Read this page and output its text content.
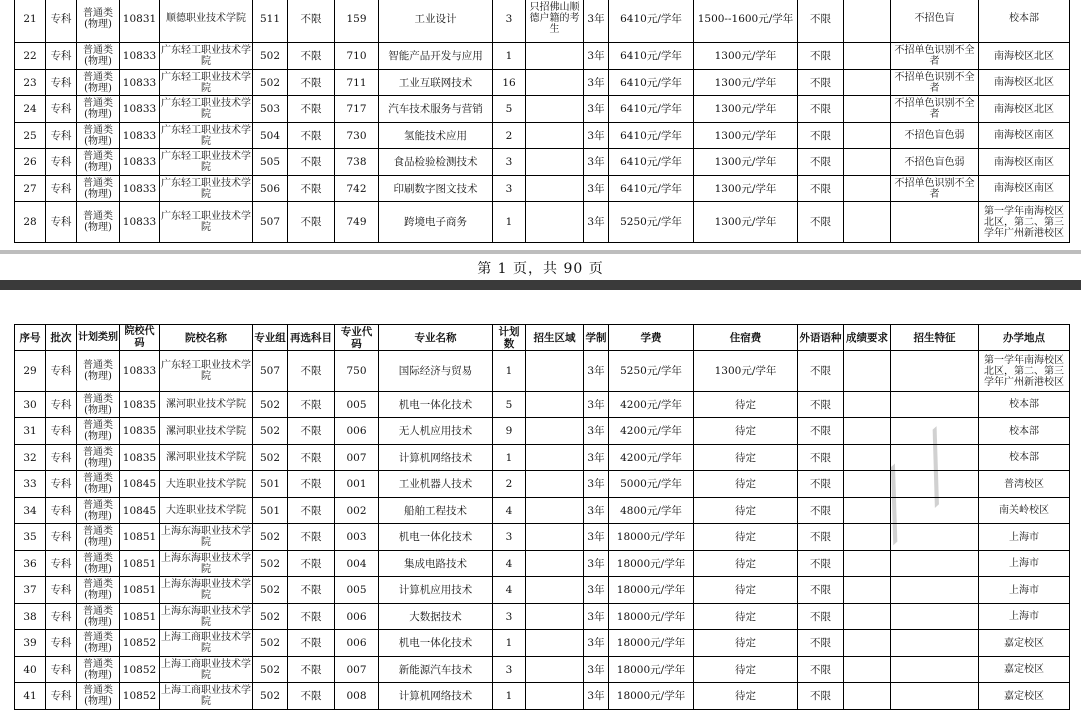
21	专科	普通类(物理)	10831	顺德职业技术学院	511	不限	159	工业设计	3	只招佛山顺德户籍的考生	3年	6410元/学年	1500--1600元/学年	不限		不招色盲	校本部
22	专科	普通类(物理)	10833	广东轻工职业技术学院	502	不限	710	智能产品开发与应用	1		3年	6410元/学年	1300元/学年	不限		不招单色识别不全者	南海校区北区
23	专科	普通类(物理)	10833	广东轻工职业技术学院	502	不限	711	工业互联网技术	16		3年	6410元/学年	1300元/学年	不限		不招单色识别不全者	南海校区北区
24	专科	普通类(物理)	10833	广东轻工职业技术学院	503	不限	717	汽车技术服务与营销	5		3年	6410元/学年	1300元/学年	不限		不招单色识别不全者	南海校区北区
25	专科	普通类(物理)	10833	广东轻工职业技术学院	504	不限	730	氢能技术应用	2		3年	6410元/学年	1300元/学年	不限		不招色盲色弱	南海校区南区
26	专科	普通类(物理)	10833	广东轻工职业技术学院	505	不限	738	食品检验检测技术	3		3年	6410元/学年	1300元/学年	不限		不招色盲色弱	南海校区南区
27	专科	普通类(物理)	10833	广东轻工职业技术学院	506	不限	742	印刷数字图文技术	3		3年	6410元/学年	1300元/学年	不限		不招单色识别不全者	南海校区南区
28	专科	普通类(物理)	10833	广东轻工职业技术学院	507	不限	749	跨境电子商务	1		3年	5250元/学年	1300元/学年	不限			第一学年南海校区北区，第二、第三学年广州新港校区
第 1 页，共 90 页
序号	批次	计划类别	院校代码	院校名称	专业组	再选科目	专业代码	专业名称	计划数	招生区域	学制	学费	住宿费	外语语种	成绩要求	招生特征	办学地点
29	专科	普通类(物理)	10833	广东轻工职业技术学院	507	不限	750	国际经济与贸易	1		3年	5250元/学年	1300元/学年	不限			第一学年南海校区北区，第二、第三学年广州新港校区
30	专科	普通类(物理)	10835	漯河职业技术学院	502	不限	005	机电一体化技术	5		3年	4200元/学年	待定	不限			校本部
31	专科	普通类(物理)	10835	漯河职业技术学院	502	不限	006	无人机应用技术	9		3年	4200元/学年	待定	不限			校本部
32	专科	普通类(物理)	10835	漯河职业技术学院	502	不限	007	计算机网络技术	1		3年	4200元/学年	待定	不限			校本部
33	专科	普通类(物理)	10845	大连职业技术学院	501	不限	001	工业机器人技术	2		3年	5000元/学年	待定	不限			普湾校区
34	专科	普通类(物理)	10845	大连职业技术学院	501	不限	002	船舶工程技术	4		3年	4800元/学年	待定	不限			南关岭校区
35	专科	普通类(物理)	10851	上海东海职业技术学院	502	不限	003	机电一体化技术	3		3年	18000元/学年	待定	不限			上海市
36	专科	普通类(物理)	10851	上海东海职业技术学院	502	不限	004	集成电路技术	4		3年	18000元/学年	待定	不限			上海市
37	专科	普通类(物理)	10851	上海东海职业技术学院	502	不限	005	计算机应用技术	4		3年	18000元/学年	待定	不限			上海市
38	专科	普通类(物理)	10851	上海东海职业技术学院	502	不限	006	大数据技术	3		3年	18000元/学年	待定	不限			上海市
39	专科	普通类(物理)	10852	上海工商职业技术学院	502	不限	006	机电一体化技术	1		3年	18000元/学年	待定	不限			嘉定校区
40	专科	普通类(物理)	10852	上海工商职业技术学院	502	不限	007	新能源汽车技术	3		3年	18000元/学年	待定	不限			嘉定校区
41	专科	普通类(物理)	10852	上海工商职业技术学院	502	不限	008	计算机网络技术	1		3年	18000元/学年	待定	不限			嘉定校区
